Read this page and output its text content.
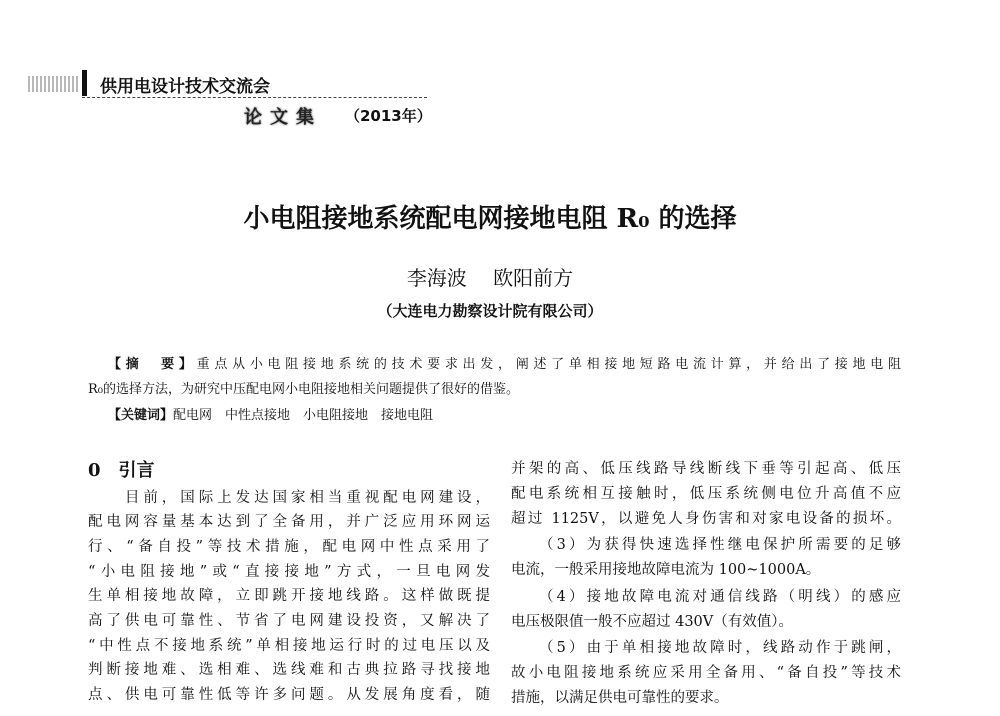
供用电设计技术交流会
论文集 （2013年）
小电阻接地系统配电网接地电阻 R₀ 的选择
李海波 欧阳前方
（大连电力勘察设计院有限公司）
【摘　要】重点从小电阻接地系统的技术要求出发，阐述了单相接地短路电流计算，并给出了接地电阻
R₀的选择方法，为研究中压配电网小电阻接地相关问题提供了很好的借鉴。
【关键词】配电网　中性点接地　小电阻接地　接地电阻
0　引言
　　目前，国际上发达国家相当重视配电网建设，
配电网容量基本达到了全备用，并广泛应用环网运
行、“备自投”等技术措施，配电网中性点采用了
“小电阻接地”或“直接接地”方式，一旦电网发
生单相接地故障，立即跳开接地线路。这样做既提
高了供电可靠性、节省了电网建设投资，又解决了
“中性点不接地系统”单相接地运行时的过电压以及
判断接地难、选相难、选线难和古典拉路寻找接地
点、供电可靠性低等许多问题。从发展角度看，随
并架的高、低压线路导线断线下垂等引起高、低压
配电系统相互接触时，低压系统侧电位升高值不应
超过 1125V，以避免人身伤害和对家电设备的损坏。
　　（3）为获得快速选择性继电保护所需要的足够
电流，一般采用接地故障电流为 100~1000A。
　　（4）接地故障电流对通信线路（明线）的感应
电压极限值一般不应超过 430V（有效值）。
　　（5）由于单相接地故障时，线路动作于跳闸，
故小电阻接地系统应采用全备用、“备自投”等技术
措施，以满足供电可靠性的要求。
